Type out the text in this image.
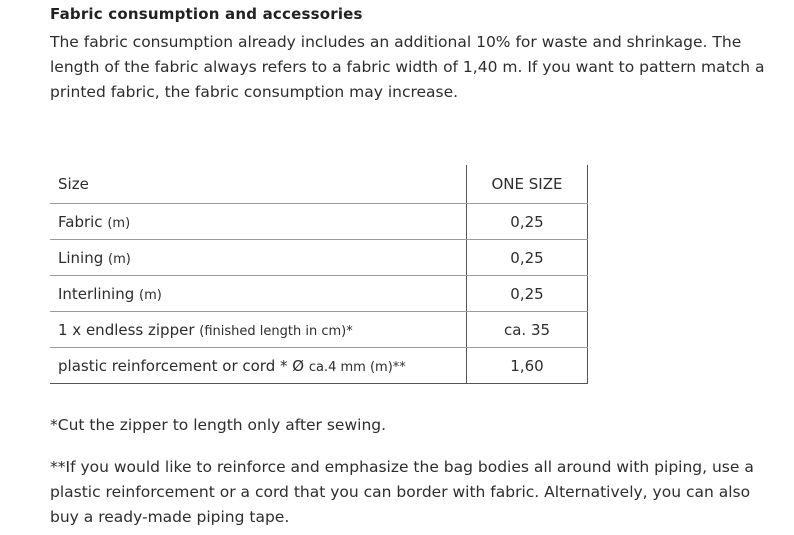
Fabric consumption and accessories
The fabric consumption already includes an additional 10% for waste and shrinkage. The length of the fabric always refers to a fabric width of 1,40 m. If you want to pattern match a printed fabric, the fabric consumption may increase.
Size	ONE SIZE
Fabric (m)	0,25
Lining (m)	0,25
Interlining (m)	0,25
1 x endless zipper (finished length in cm)*	ca. 35
plastic reinforcement or cord * Ø ca.4 mm (m)**	1,60
*Cut the zipper to length only after sewing.
**If you would like to reinforce and emphasize the bag bodies all around with piping, use a plastic reinforcement or a cord that you can border with fabric. Alternatively, you can also buy a ready-made piping tape.
